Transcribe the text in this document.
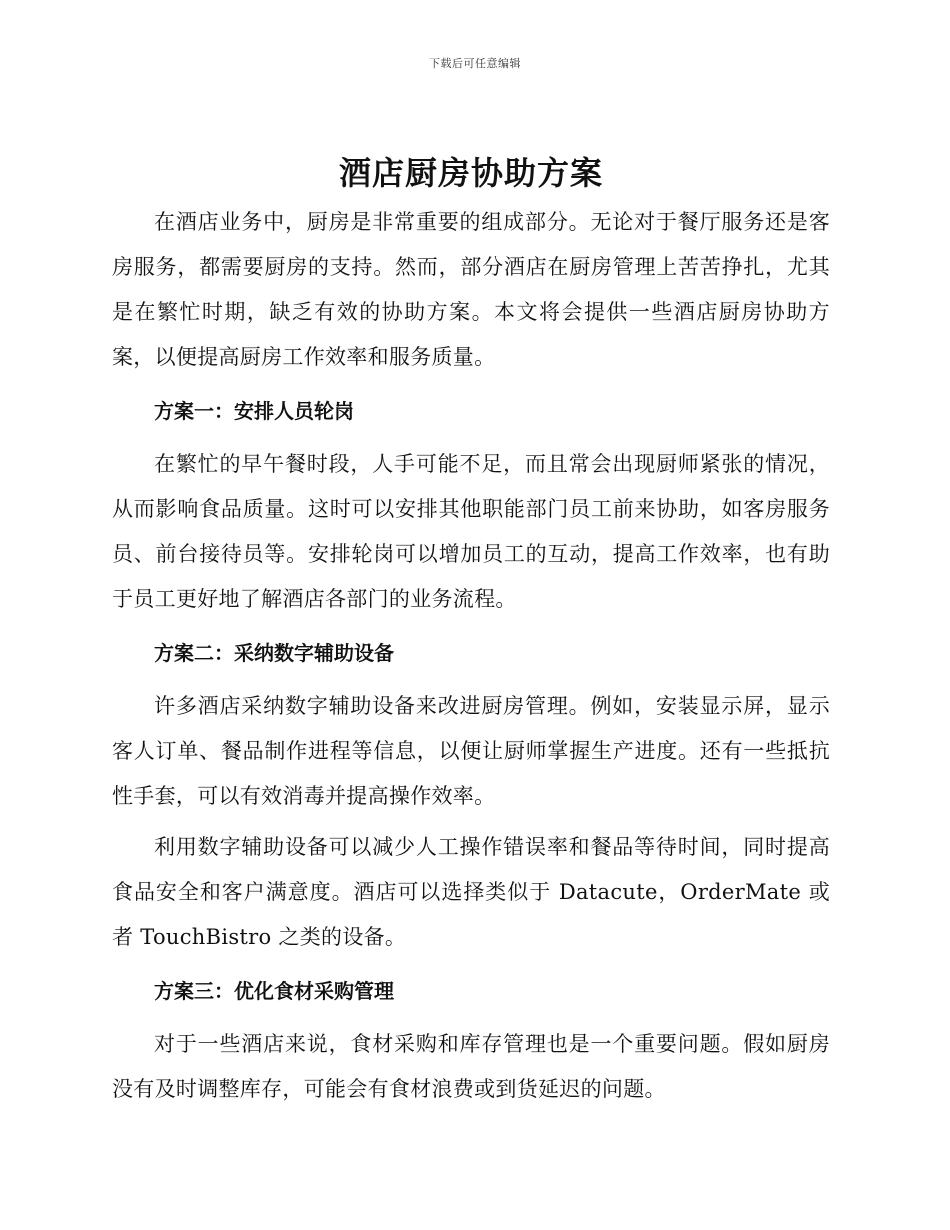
下载后可任意编辑
酒店厨房协助方案

在酒店业务中，厨房是非常重要的组成部分。无论对于餐厅服务还是客房服务，都需要厨房的支持。然而，部分酒店在厨房管理上苦苦挣扎，尤其是在繁忙时期，缺乏有效的协助方案。本文将会提供一些酒店厨房协助方案，以便提高厨房工作效率和服务质量。

方案一：安排人员轮岗

在繁忙的早午餐时段，人手可能不足，而且常会出现厨师紧张的情况，从而影响食品质量。这时可以安排其他职能部门员工前来协助，如客房服务员、前台接待员等。安排轮岗可以增加员工的互动，提高工作效率，也有助于员工更好地了解酒店各部门的业务流程。

方案二：采纳数字辅助设备

许多酒店采纳数字辅助设备来改进厨房管理。例如，安装显示屏，显示客人订单、餐品制作进程等信息，以便让厨师掌握生产进度。还有一些抵抗性手套，可以有效消毒并提高操作效率。

利用数字辅助设备可以减少人工操作错误率和餐品等待时间，同时提高食品安全和客户满意度。酒店可以选择类似于 Datacute，OrderMate 或者 TouchBistro 之类的设备。

方案三：优化食材采购管理

对于一些酒店来说，食材采购和库存管理也是一个重要问题。假如厨房没有及时调整库存，可能会有食材浪费或到货延迟的问题。
